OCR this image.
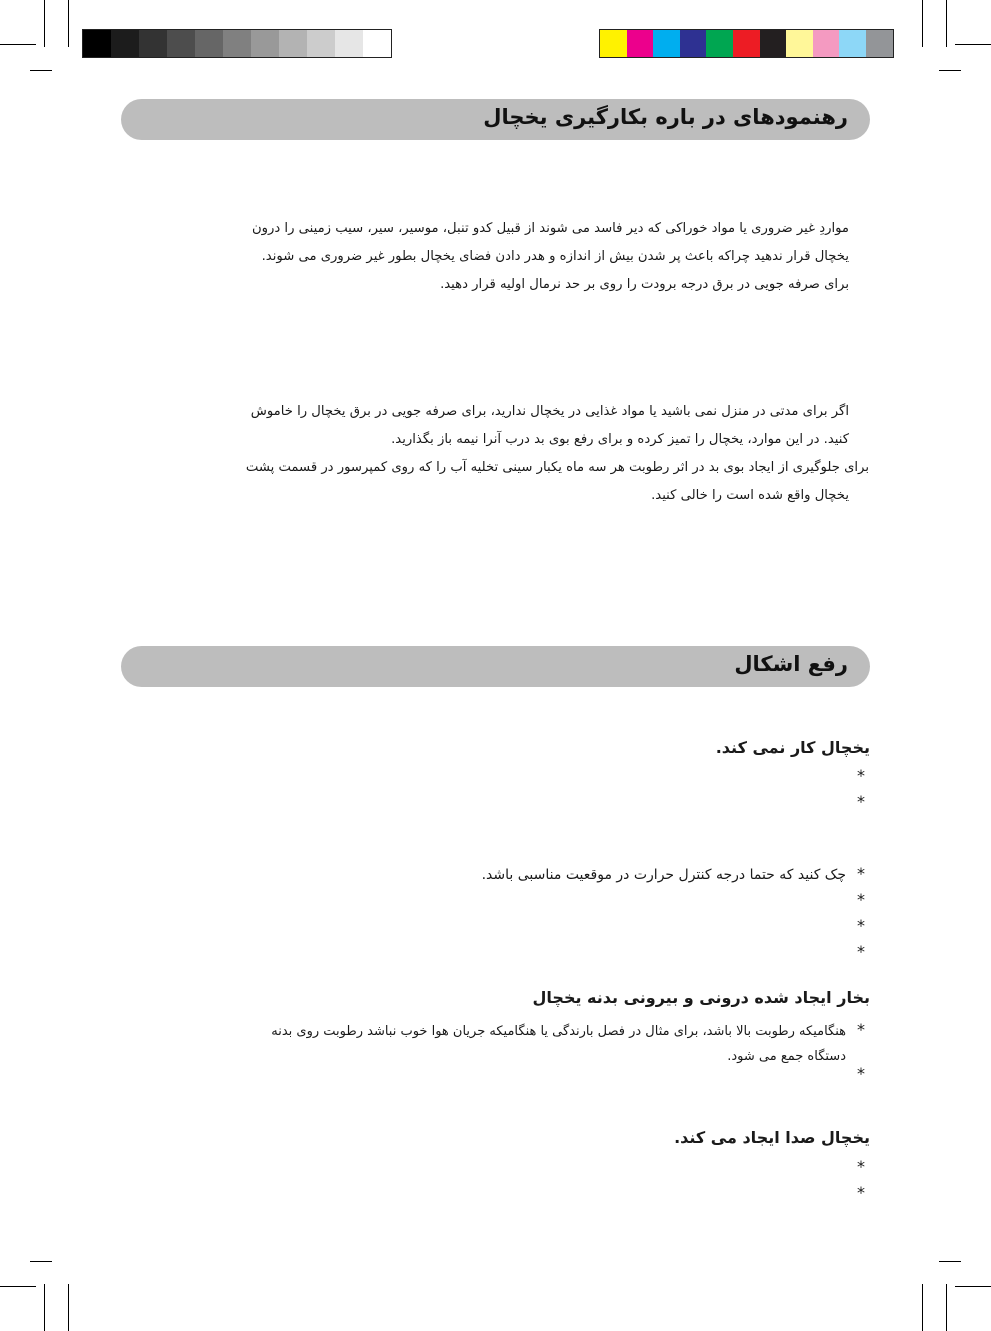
رهنمودهای در باره بکارگیری یخچال
مواردِ غیر ضروری یا مواد خوراکی که دیر فاسد می شوند از قبیل کدو تنبل، موسیر، سیر، سیب زمینی را درون
یخچال قرار ندهید چراکه باعث پر شدن بیش از اندازه و هدر دادن فضای یخچال بطور غیر ضروری می شوند.
برای صرفه جویی در برق درجه برودت را روی بر حد نرمال اولیه قرار دهید.
اگر برای مدتی در منزل نمی باشید یا مواد غذایی در یخچال ندارید، برای صرفه جویی در برق یخچال را خاموش
کنید. در این موارد، یخچال را تمیز کرده و برای رفع بوی بد درب آنرا نیمه باز بگذارید.
برای جلوگیری از ایجاد بوی بد در اثر رطوبت هر سه ماه یکبار سینی تخلیه آب را که روی کمپرسور در قسمت پشت
یخچال واقع شده است را خالی کنید.
رفع اشکال
یخچال کار نمی کند.
*
*
*چک کنید که حتما درجه کنترل حرارت در موقعیت مناسبی باشد.
*
*
*
بخار ایجاد شده درونی و بیرونی بدنه یخچال
*هنگامیکه رطوبت بالا باشد، برای مثال در فصل بارندگی یا هنگامیکه جریان هوا خوب نباشد رطوبت روی بدنه
دستگاه جمع می شود.
*
یخچال صدا ایجاد می کند.
*
*
